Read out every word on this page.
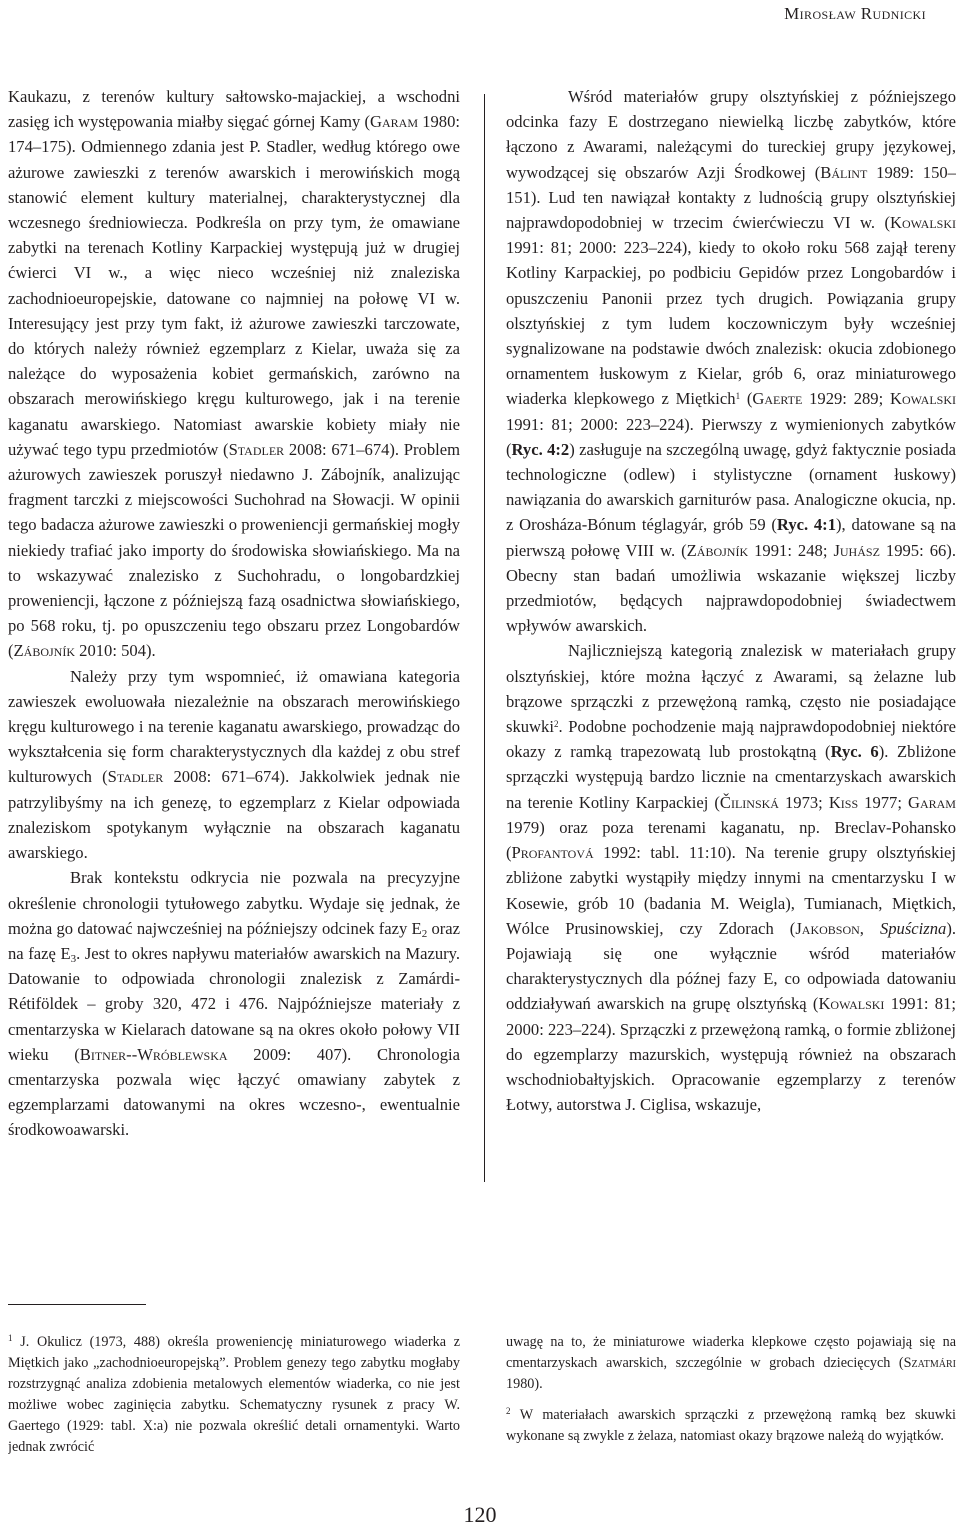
Mirosław Rudnicki

Kaukazu, z terenów kultury sałtowsko-majackiej, a wschodni zasięg ich występowania miałby sięgać górnej Kamy (Garam 1980: 174–175). Odmiennego zdania jest P. Stadler, według którego owe ażurowe zawieszki z terenów awarskich i merowińskich mogą stanowić element kultury materialnej, charakterystycznej dla wczesnego średniowiecza. Podkreśla on przy tym, że omawiane zabytki na terenach Kotliny Karpackiej występują już w drugiej ćwierci VI w., a więc nieco wcześniej niż znaleziska zachodnioeuropejskie, datowane co najmniej na połowę VI w. Interesujący jest przy tym fakt, iż ażurowe zawieszki tarczowate, do których należy również egzemplarz z Kielar, uważa się za należące do wyposażenia kobiet germańskich, zarówno na obszarach merowińskiego kręgu kulturowego, jak i na terenie kaganatu awarskiego. Natomiast awarskie kobiety miały nie używać tego typu przedmiotów (Stadler 2008: 671–674). Problem ażurowych zawieszek poruszył niedawno J. Zábojník, analizując fragment tarczki z miejscowości Suchohrad na Słowacji. W opinii tego badacza ażurowe zawieszki o proweniencji germańskiej mogły niekiedy trafiać jako importy do środowiska słowiańskiego. Ma na to wskazywać znalezisko z Suchohradu, o longobardzkiej proweniencji, łączone z późniejszą fazą osadnictwa słowiańskiego, po 568 roku, tj. po opuszczeniu tego obszaru przez Longobardów (Zábojník 2010: 504).

Należy przy tym wspomnieć, iż omawiana kategoria zawieszek ewoluowała niezależnie na obszarach merowińskiego kręgu kulturowego i na terenie kaganatu awarskiego, prowadząc do wykształcenia się form charakterystycznych dla każdej z obu stref kulturowych (Stadler 2008: 671–674). Jakkolwiek jednak nie patrzylibyśmy na ich genezę, to egzemplarz z Kielar odpowiada znaleziskom spotykanym wyłącznie na obszarach kaganatu awarskiego.

Brak kontekstu odkrycia nie pozwala na precyzyjne określenie chronologii tytułowego zabytku. Wydaje się jednak, że można go datować najwcześniej na późniejszy odcinek fazy $E_2$ oraz na fazę $E_3$. Jest to okres napływu materiałów awarskich na Mazury. Datowanie to odpowiada chronologii znalezisk z Zamárdi-Rétiföldek – groby 320, 472 i 476. Najpóźniejsze materiały z cmentarzyska w Kielarach datowane są na okres około połowy VII wieku (Bitner--Wróblewska 2009: 407). Chronologia cmentarzyska pozwala więc łączyć omawiany zabytek z egzemplarzami datowanymi na okres wczesno-, ewentualnie środkowoawarski.

Wśród materiałów grupy olsztyńskiej z późniejszego odcinka fazy E dostrzegano niewielką liczbę zabytków, które łączono z Awarami, należącymi do tureckiej grupy językowej, wywodzącej się obszarów Azji Środkowej (Bálint 1989: 150–151). Lud ten nawiązał kontakty z ludnością grupy olsztyńskiej najprawdopodobniej w trzecim ćwierćwieczu VI w. (Kowalski 1991: 81; 2000: 223–224), kiedy to około roku 568 zajął tereny Kotliny Karpackiej, po podbiciu Gepidów przez Longobardów i opuszczeniu Panonii przez tych drugich. Powiązania grupy olsztyńskiej z tym ludem koczowniczym były wcześniej sygnalizowane na podstawie dwóch znalezisk: okucia zdobionego ornamentem łuskowym z Kielar, grób 6, oraz miniaturowego wiaderka klepkowego z Miętkich$^1$ (Gaerte 1929: 289; Kowalski 1991: 81; 2000: 223–224). Pierwszy z wymienionych zabytków (Ryc. 4:2) zasługuje na szczególną uwagę, gdyż faktycznie posiada technologiczne (odlew) i stylistyczne (ornament łuskowy) nawiązania do awarskich garniturów pasa. Analogiczne okucia, np. z Orosháza-Bónum téglagyár, grób 59 (Ryc. 4:1), datowane są na pierwszą połowę VIII w. (Zábojník 1991: 248; Juhász 1995: 66). Obecny stan badań umożliwia wskazanie większej liczby przedmiotów, będących najprawdopodobniej świadectwem wpływów awarskich.

Najliczniejszą kategorią znalezisk w materiałach grupy olsztyńskiej, które można łączyć z Awarami, są żelazne lub brązowe sprzączki z przewężoną ramką, często nie posiadające skuwki$^2$. Podobne pochodzenie mają najprawdopodobniej niektóre okazy z ramką trapezowatą lub prostokątną (Ryc. 6). Zbliżone sprzączki występują bardzo licznie na cmentarzyskach awarskich na terenie Kotliny Karpackiej (Čilinská 1973; Kiss 1977; Garam 1979) oraz poza terenami kaganatu, np. Breclav-Pohansko (Profantová 1992: tabl. 11:10). Na terenie grupy olsztyńskiej zbliżone zabytki wystąpiły między innymi na cmentarzysku I w Kosewie, grób 10 (badania M. Weigla), Tumianach, Miętkich, Wólce Prusinowskiej, czy Zdorach (Jakobson, Spuścizna). Pojawiają się one wyłącznie wśród materiałów charakterystycznych dla późnej fazy E, co odpowiada datowaniu oddziaływań awarskich na grupę olsztyńską (Kowalski 1991: 81; 2000: 223–224). Sprzączki z przewężoną ramką, o formie zbliżonej do egzemplarzy mazurskich, występują również na obszarach wschodniobałtyjskich. Opracowanie egzemplarzy z terenów Łotwy, autorstwa J. Ciglisa, wskazuje,

$^1$ J. Okulicz (1973, 488) określa proweniencję miniaturowego wiaderka z Miętkich jako „zachodnioeuropejską”. Problem genezy tego zabytku mogłaby rozstrzygnąć analiza zdobienia metalowych elementów wiaderka, co nie jest możliwe wobec zaginięcia zabytku. Schematyczny rysunek z pracy W. Gaertego (1929: tabl. X:a) nie pozwala określić detali ornamentyki. Warto jednak zwrócić

uwagę na to, że miniaturowe wiaderka klepkowe często pojawiają się na cmentarzyskach awarskich, szczególnie w grobach dziecięcych (Szatmári 1980).

$^2$ W materiałach awarskich sprzączki z przewężoną ramką bez skuwki wykonane są zwykle z żelaza, natomiast okazy brązowe należą do wyjątków.

120
